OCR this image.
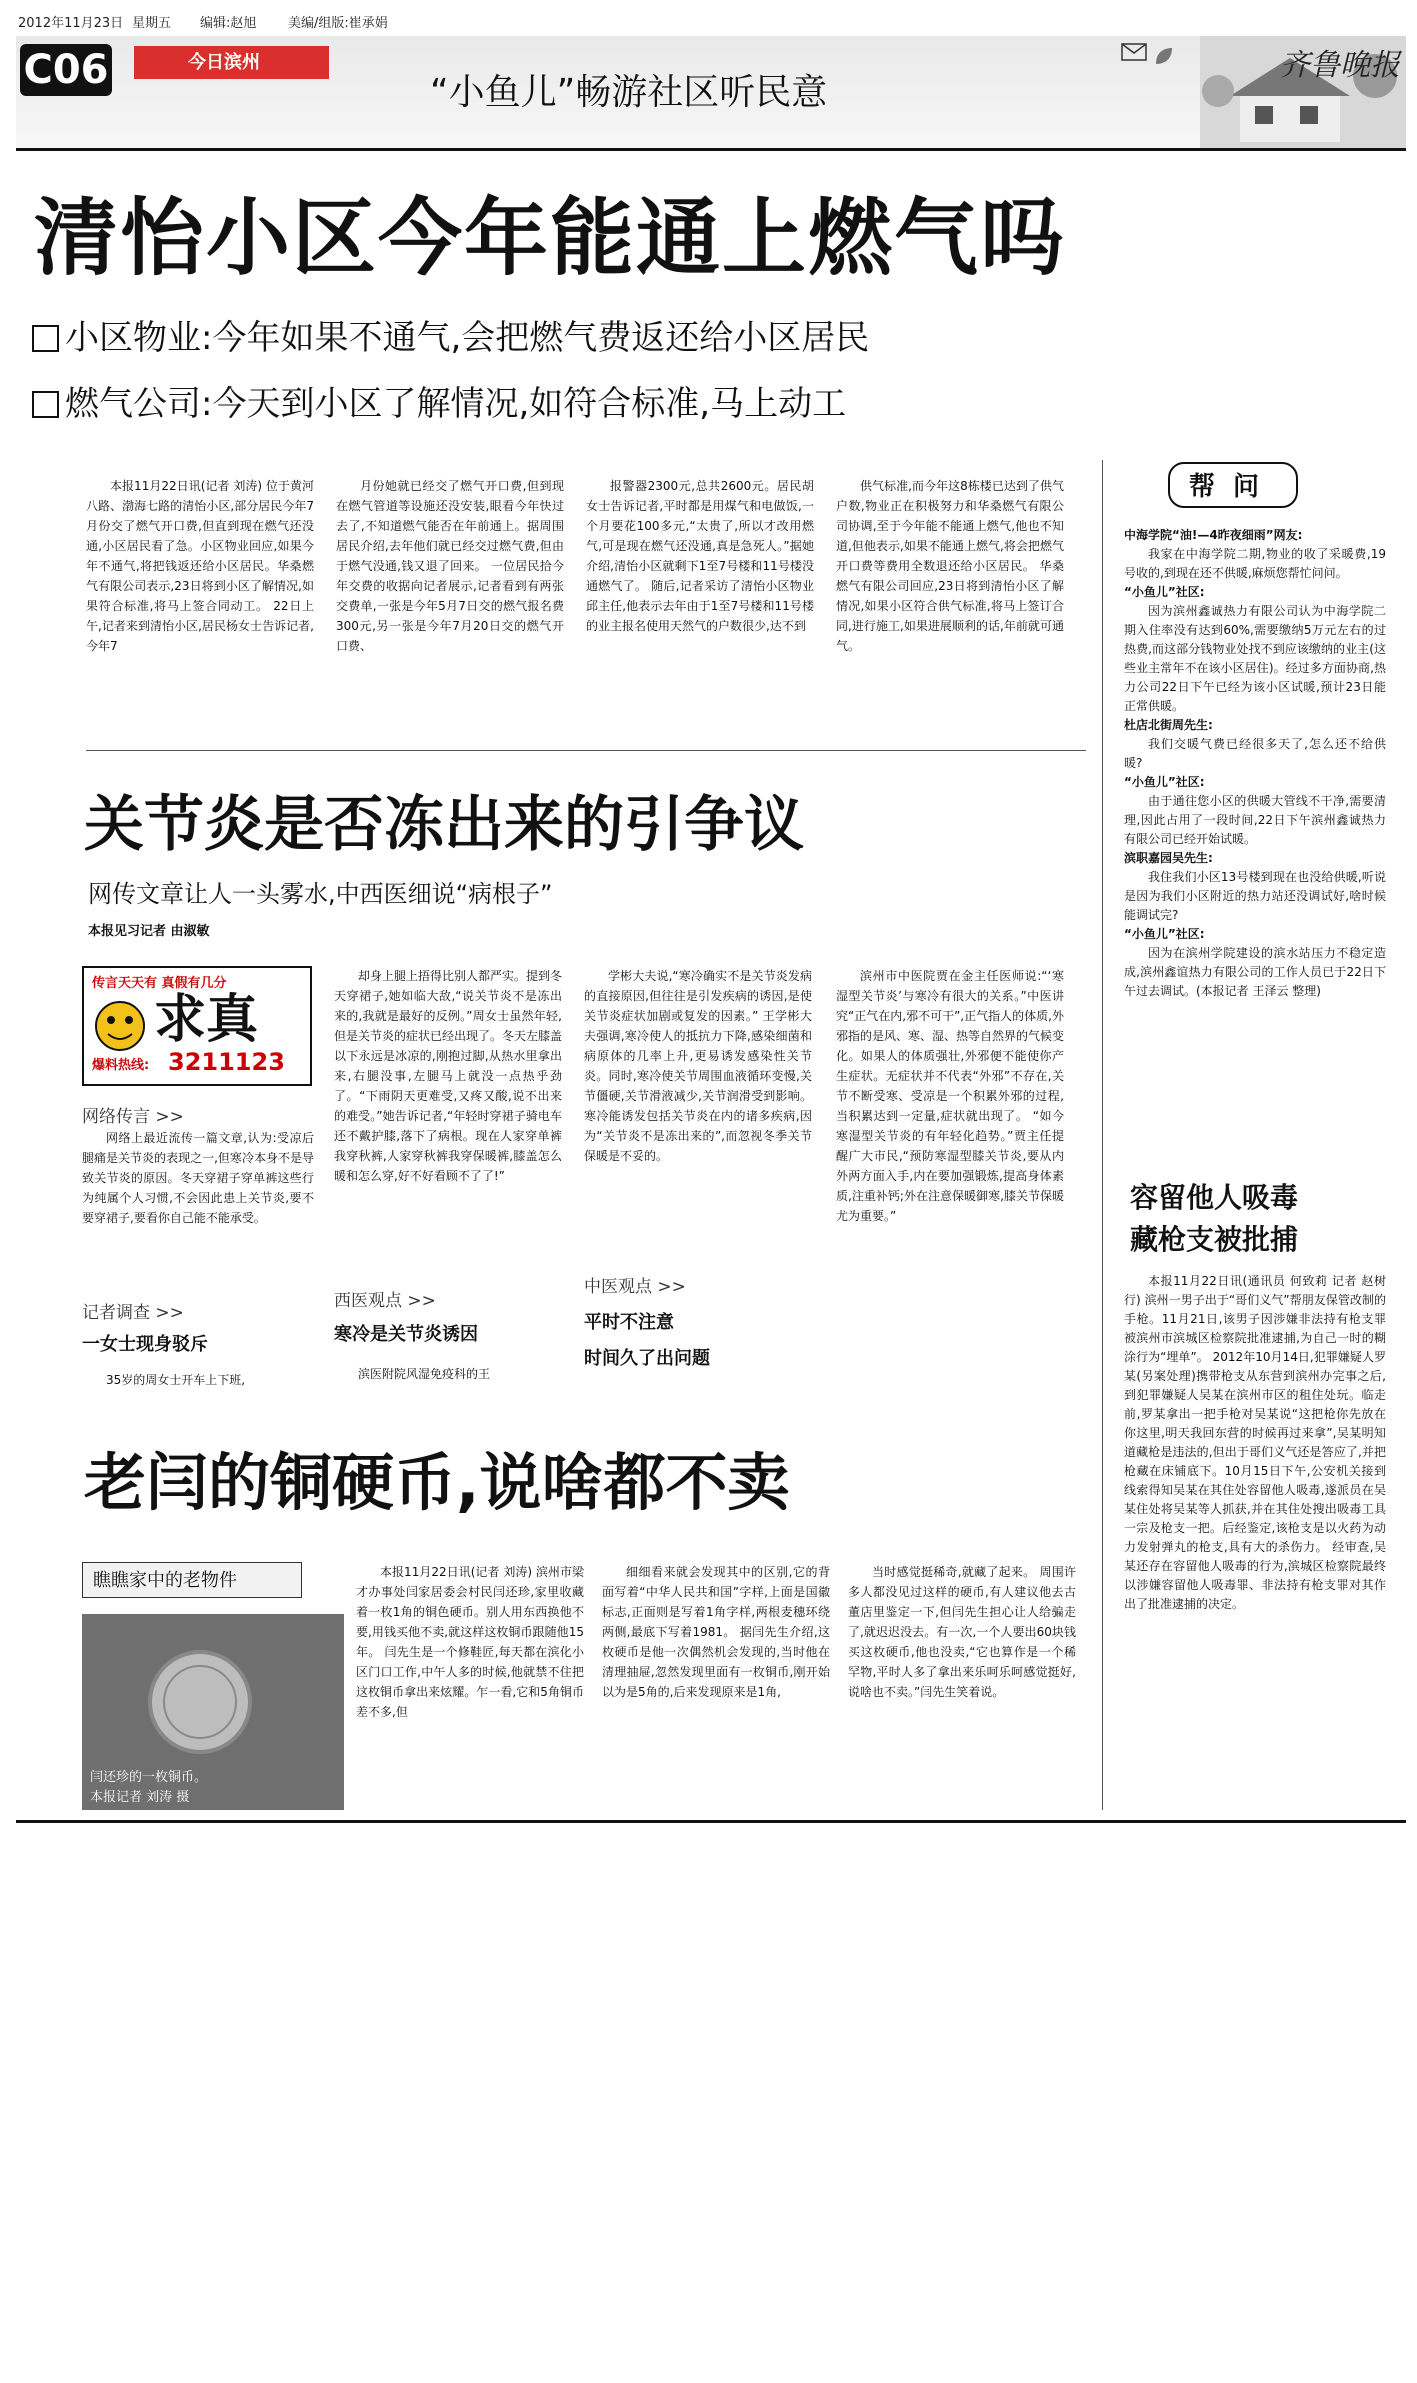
2012年11月23日 星期五 编辑:赵旭 美编/组版:崔承娟
C06	今日滨州
“小鱼儿”畅游社区听民意
齐鲁晚报
清怡小区今年能通上燃气吗
小区物业:今年如果不通气,会把燃气费返还给小区居民
燃气公司:今天到小区了解情况,如符合标准,马上动工

本报11月22日讯(记者 刘涛) 位于黄河八路、渤海七路的清怡小区,部分居民今年7月份交了燃气开口费,但直到现在燃气还没通,小区居民看了急。小区物业回应,如果今年不通气,将把钱返还给小区居民。华桑燃气有限公司表示,23日将到小区了解情况,如果符合标准,将马上签合同动工。 22日上午,记者来到清怡小区,居民杨女士告诉记者,今年7

月份她就已经交了燃气开口费,但到现在燃气管道等设施还没安装,眼看今年快过去了,不知道燃气能否在年前通上。据周围居民介绍,去年他们就已经交过燃气费,但由于燃气没通,钱又退了回来。 一位居民拾今年交费的收据向记者展示,记者看到有两张交费单,一张是今年5月7日交的燃气报名费300元,另一张是今年7月20日交的燃气开口费、

报警器2300元,总共2600元。居民胡女士告诉记者,平时都是用煤气和电做饭,一个月要花100多元,“太贵了,所以才改用燃气,可是现在燃气还没通,真是急死人。”据她介绍,清怡小区就剩下1至7号楼和11号楼没通燃气了。 随后,记者采访了清怡小区物业邱主任,他表示去年由于1至7号楼和11号楼的业主报名使用天然气的户数很少,达不到

供气标准,而今年这8栋楼已达到了供气户数,物业正在积极努力和华桑燃气有限公司协调,至于今年能不能通上燃气,他也不知道,但他表示,如果不能通上燃气,将会把燃气开口费等费用全数退还给小区居民。 华桑燃气有限公司回应,23日将到清怡小区了解情况,如果小区符合供气标准,将马上签订合同,进行施工,如果进展顺利的话,年前就可通气。

关节炎是否冻出来的引争议
网传文章让人一头雾水,中西医细说“病根子”
本报见习记者 由淑敏
传言天天有 真假有几分
求真
爆料热线: 3211123
网络传言 >>

网络上最近流传一篇文章,认为:受凉后腿痛是关节炎的表现之一,但寒冷本身不是导致关节炎的原因。冬天穿裙子穿单裤这些行为纯属个人习惯,不会因此患上关节炎,要不要穿裙子,要看你自己能不能承受。

记者调查 >>
一女士现身驳斥

35岁的周女士开车上下班,

却身上腿上捂得比别人都严实。提到冬天穿裙子,她如临大敌,“说关节炎不是冻出来的,我就是最好的反例。”周女士虽然年轻,但是关节炎的症状已经出现了。冬天左膝盖以下永远是冰凉的,刚抱过脚,从热水里拿出来,右腿没事,左腿马上就没一点热乎劲了。“下雨阴天更难受,又疼又酸,说不出来的难受。”她告诉记者,“年轻时穿裙子骑电车还不戴护膝,落下了病根。现在人家穿单裤我穿秋裤,人家穿秋裤我穿保暖裤,膝盖怎么暖和怎么穿,好不好看顾不了了!”

西医观点 >>
寒冷是关节炎诱因

滨医附院风湿免疫科的王

学彬大夫说,“寒冷确实不是关节炎发病的直接原因,但往往是引发疾病的诱因,是使关节炎症状加剧或复发的因素。” 王学彬大夫强调,寒冷使人的抵抗力下降,感染细菌和病原体的几率上升,更易诱发感染性关节炎。同时,寒冷使关节周围血液循环变慢,关节僵硬,关节滑液减少,关节润滑受到影响。寒冷能诱发包括关节炎在内的诸多疾病,因为“关节炎不是冻出来的”,而忽视冬季关节保暖是不妥的。

中医观点 >>
平时不注意
时间久了出问题

滨州市中医院贾在金主任医师说:“‘寒湿型关节炎’与寒冷有很大的关系。”中医讲究“正气在内,邪不可干”,正气指人的体质,外邪指的是风、寒、湿、热等自然界的气候变化。如果人的体质强壮,外邪便不能使你产生症状。无症状并不代表“外邪”不存在,关节不断受寒、受凉是一个积累外邪的过程,当积累达到一定量,症状就出现了。 “如今寒湿型关节炎的有年轻化趋势。”贾主任提醒广大市民,“预防寒湿型膝关节炎,要从内外两方面入手,内在要加强锻炼,提高身体素质,注重补钙;外在注意保暖御寒,膝关节保暖尤为重要。”

老闫的铜硬币,说啥都不卖
瞧瞧家中的老物件
闫还珍的一枚铜币。
本报记者 刘涛 摄

本报11月22日讯(记者 刘涛) 滨州市梁才办事处闫家居委会村民闫还珍,家里收藏着一枚1角的铜色硬币。别人用东西换他不要,用钱买他不卖,就这样这枚铜币跟随他15年。 闫先生是一个修鞋匠,每天都在滨化小区门口工作,中午人多的时候,他就禁不住把这枚铜币拿出来炫耀。乍一看,它和5角铜币差不多,但

细细看来就会发现其中的区别,它的背面写着“中华人民共和国”字样,上面是国徽标志,正面则是写着1角字样,两根麦穗环绕两侧,最底下写着1981。 据闫先生介绍,这枚硬币是他一次偶然机会发现的,当时他在清理抽屉,忽然发现里面有一枚铜币,刚开始以为是5角的,后来发现原来是1角,

当时感觉挺稀奇,就藏了起来。 周围许多人都没见过这样的硬币,有人建议他去古董店里鉴定一下,但闫先生担心让人给骗走了,就迟迟没去。有一次,一个人要出60块钱买这枚硬币,他也没卖,“它也算作是一个稀罕物,平时人多了拿出来乐呵乐呵感觉挺好,说啥也不卖。”闫先生笑着说。

帮问

中海学院“油!—4昨夜细雨”网友:

我家在中海学院二期,物业的收了采暖费,19号收的,到现在还不供暖,麻烦您帮忙问问。

“小鱼儿”社区:

因为滨州鑫诚热力有限公司认为中海学院二期入住率没有达到60%,需要缴纳5万元左右的过热费,而这部分钱物业处找不到应该缴纳的业主(这些业主常年不在该小区居住)。经过多方面协商,热力公司22日下午已经为该小区试暖,预计23日能正常供暖。

杜店北街周先生:

我们交暖气费已经很多天了,怎么还不给供暖?

“小鱼儿”社区:

由于通往您小区的供暖大管线不干净,需要清理,因此占用了一段时间,22日下午滨州鑫诚热力有限公司已经开始试暖。

滨职嘉园吴先生:

我住我们小区13号楼到现在也没给供暖,听说是因为我们小区附近的热力站还没调试好,啥时候能调试完?

“小鱼儿”社区:

因为在滨州学院建设的滨水站压力不稳定造成,滨州鑫谊热力有限公司的工作人员已于22日下午过去调试。(本报记者 王泽云 整理)

容留他人吸毒
藏枪支被批捕

本报11月22日讯(通讯员 何致莉 记者 赵树行) 滨州一男子出于“哥们义气”帮朋友保管改制的手枪。11月21日,该男子因涉嫌非法持有枪支罪被滨州市滨城区检察院批准逮捕,为自己一时的糊涂行为“埋单”。 2012年10月14日,犯罪嫌疑人罗某(另案处理)携带枪支从东营到滨州办完事之后,到犯罪嫌疑人吴某在滨州市区的租住处玩。临走前,罗某拿出一把手枪对吴某说“这把枪你先放在你这里,明天我回东营的时候再过来拿”,吴某明知道藏枪是违法的,但出于哥们义气还是答应了,并把枪藏在床铺底下。10月15日下午,公安机关接到线索得知吴某在其住处容留他人吸毒,遂派员在吴某住处将吴某等人抓获,并在其住处搜出吸毒工具一宗及枪支一把。后经鉴定,该枪支是以火药为动力发射弹丸的枪支,具有大的杀伤力。 经审查,吴某还存在容留他人吸毒的行为,滨城区检察院最终以涉嫌容留他人吸毒罪、非法持有枪支罪对其作出了批准逮捕的决定。
